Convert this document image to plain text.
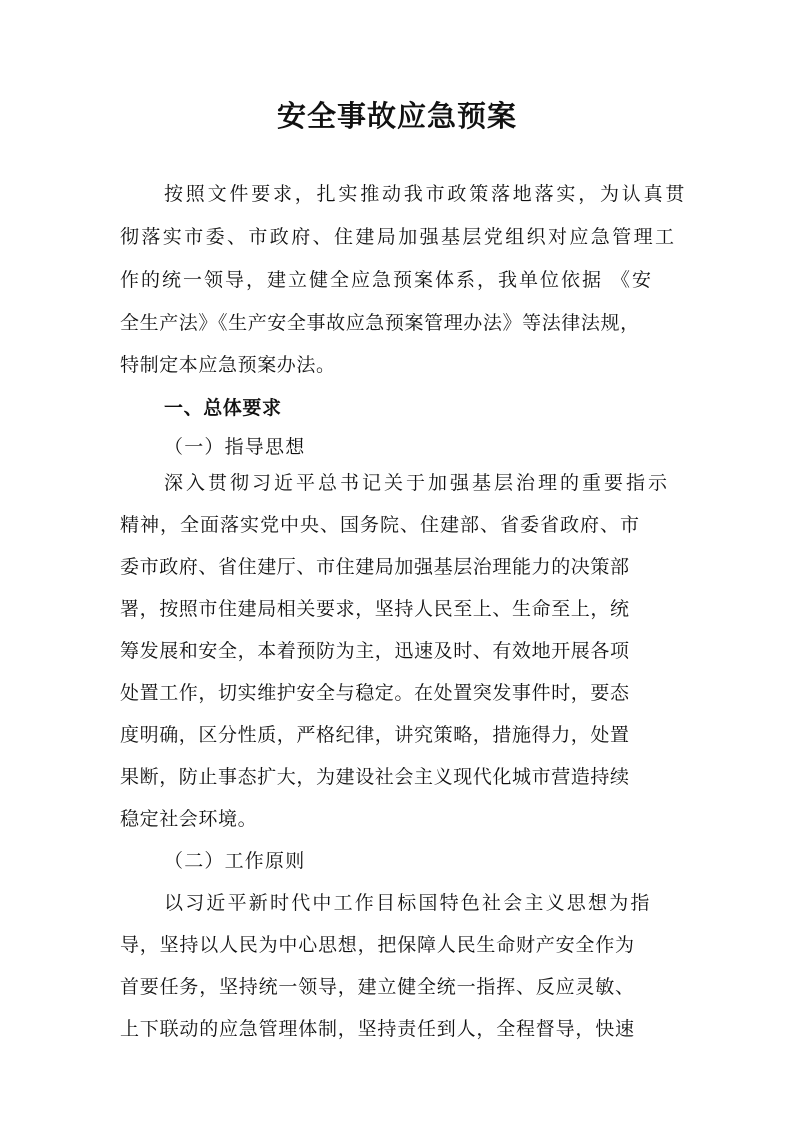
安全事故应急预案

按照文件要求，扎实推动我市政策落地落实，为认真贯

彻落实市委、市政府、住建局加强基层党组织对应急管理工

作的统一领导，建立健全应急预案体系，我单位依据 《安

全生产法》《生产安全事故应急预案管理办法》等法律法规，

特制定本应急预案办法。

一、总体要求

（一）指导思想

深入贯彻习近平总书记关于加强基层治理的重要指示

精神，全面落实党中央、国务院、住建部、省委省政府、市

委市政府、省住建厅、市住建局加强基层治理能力的决策部

署，按照市住建局相关要求，坚持人民至上、生命至上，统

筹发展和安全，本着预防为主，迅速及时、有效地开展各项

处置工作，切实维护安全与稳定。在处置突发事件时，要态

度明确，区分性质，严格纪律，讲究策略，措施得力，处置

果断，防止事态扩大，为建设社会主义现代化城市营造持续

稳定社会环境。

（二）工作原则

以习近平新时代中工作目标国特色社会主义思想为指

导，坚持以人民为中心思想，把保障人民生命财产安全作为

首要任务，坚持统一领导，建立健全统一指挥、反应灵敏、

上下联动的应急管理体制，坚持责任到人，全程督导，快速
